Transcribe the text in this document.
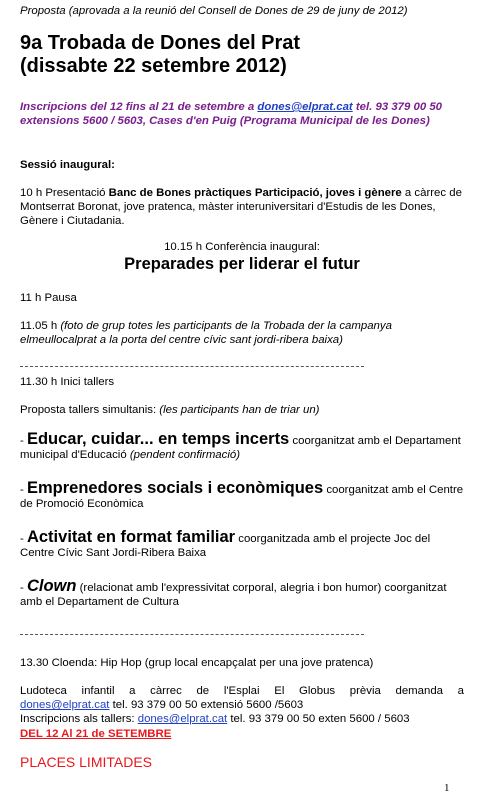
Proposta (aprovada a la reunió del Consell de Dones de 29 de juny de 2012)

9a Trobada de Dones del Prat
(dissabte 22 setembre 2012)

Inscripcions del 12 fins al 21 de setembre a dones@elprat.cat tel. 93 379 00 50 extensions 5600 / 5603, Cases d'en Puig (Programa Municipal de les Dones)

Sessió inaugural:

10 h Presentació Banc de Bones pràctiques Participació, joves i gènere a càrrec de Montserrat Boronat, jove pratenca, màster interuniversitari d'Estudis de les Dones, Gènere i Ciutadania.

10.15 h Conferència inaugural:
Preparades per liderar el futur

11 h Pausa

11.05 h (foto de grup totes les participants de la Trobada der la campanya elmeullocalprat a la porta del centre cívic sant jordi-ribera baixa)

11.30 h Inici tallers

Proposta tallers simultanis: (les participants han de triar un)

- Educar, cuidar... en temps incerts coorganitzat amb el Departament municipal d'Educació (pendent confirmació)

- Emprenedores socials i econòmiques coorganitzat amb el Centre de Promoció Econòmica

- Activitat en format familiar coorganitzada amb el projecte Joc del Centre Cívic Sant Jordi-Ribera Baixa

- Clown (relacionat amb l'expressivitat corporal, alegria i bon humor) coorganitzat amb el Departament de Cultura

13.30 Cloenda: Hip Hop (grup local encapçalat per una jove pratenca)

Ludoteca infantil a càrrec de l'Esplai El Globus prèvia demanda a
dones@elprat.cat tel. 93 379 00 50 extensió 5600 /5603
Inscripcions als tallers: dones@elprat.cat tel. 93 379 00 50 exten 5600 / 5603
DEL 12 Al 21 de SETEMBRE

PLACES LIMITADES

1
